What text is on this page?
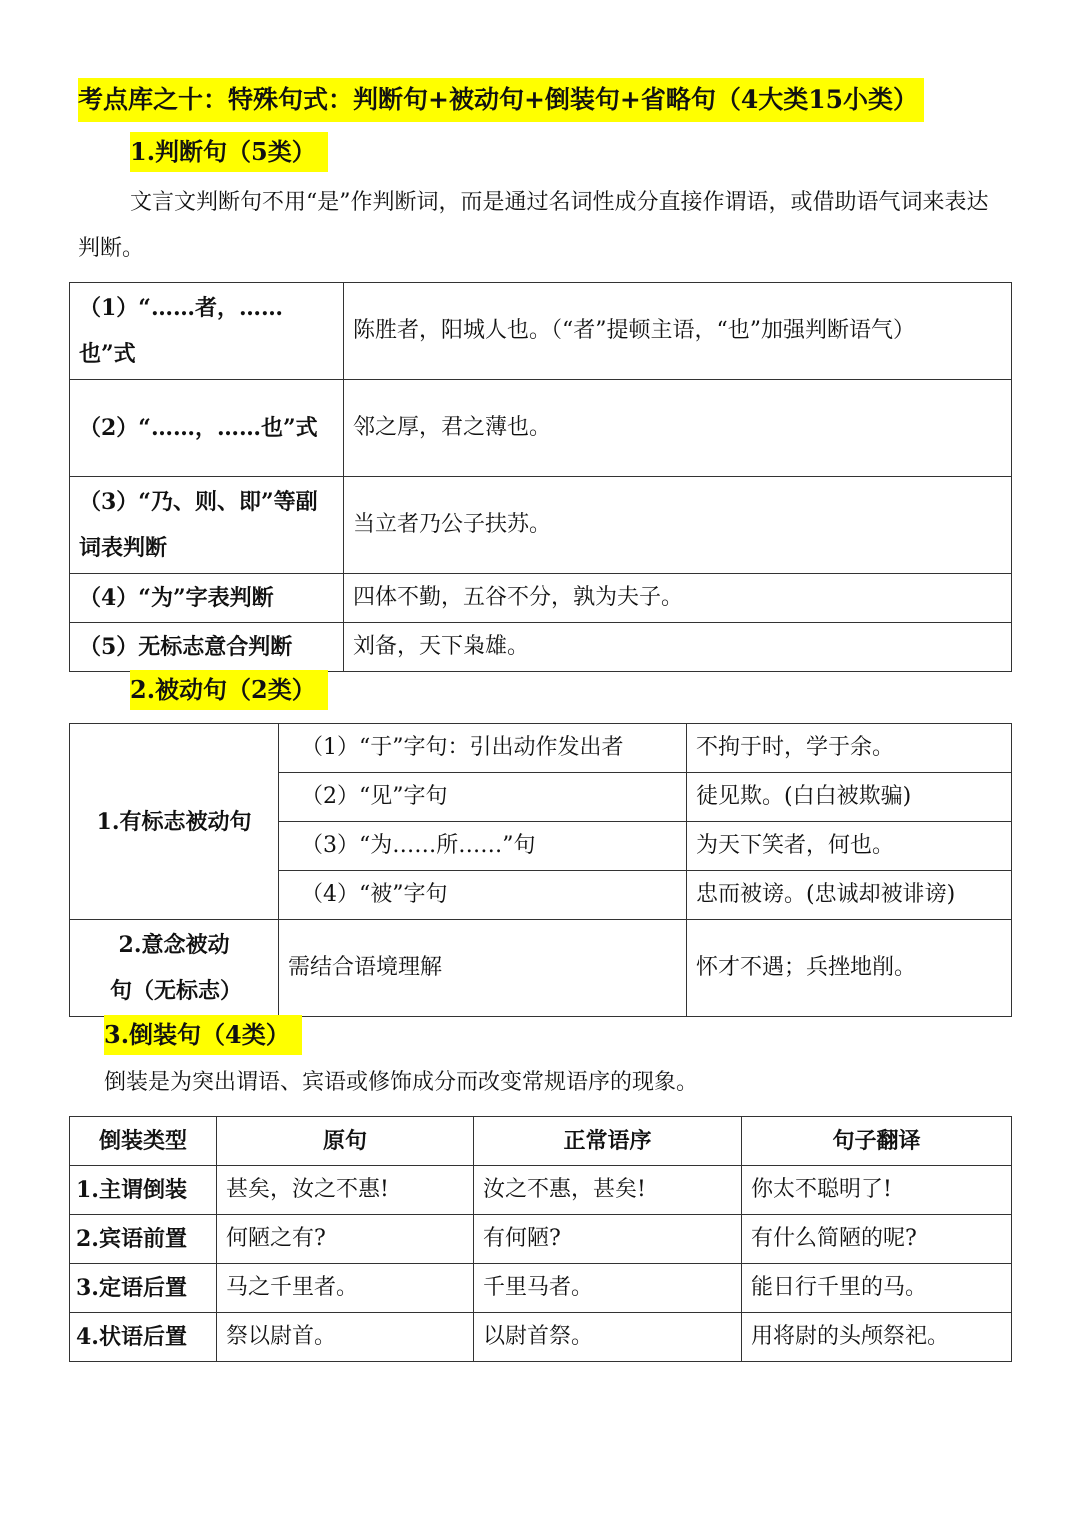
考点库之十：特殊句式：判断句+被动句+倒装句+省略句（4大类15小类）
1.判断句（5类）
文言文判断句不用“是”作判断词，而是通过名词性成分直接作谓语，或借助语气词来表达判断。
（1）“……者，……也”式	陈胜者，阳城人也。（“者”提顿主语，“也”加强判断语气）
（2）“……，……也”式	邻之厚，君之薄也。
（3）“乃、则、即”等副词表判断	当立者乃公子扶苏。
（4）“为”字表判断	四体不勤，五谷不分，孰为夫子。
（5）无标志意合判断	刘备，天下枭雄。
2.被动句（2类）
1.有标志被动句	（1）“于”字句：引出动作发出者	不拘于时，学于余。
	（2）“见”字句	徒见欺。(白白被欺骗)
	（3）“为……所……”句	为天下笑者，何也。
	（4）“被”字句	忠而被谤。(忠诚却被诽谤)
2.意念被动句（无标志）	需结合语境理解	怀才不遇；兵挫地削。
3.倒装句（4类）
倒装是为突出谓语、宾语或修饰成分而改变常规语序的现象。
倒装类型	原句	正常语序	句子翻译
1.主谓倒装	甚矣，汝之不惠!	汝之不惠，甚矣!	你太不聪明了!
2.宾语前置	何陋之有?	有何陋?	有什么简陋的呢?
3.定语后置	马之千里者。	千里马者。	能日行千里的马。
4.状语后置	祭以尉首。	以尉首祭。	用将尉的头颅祭祀。
